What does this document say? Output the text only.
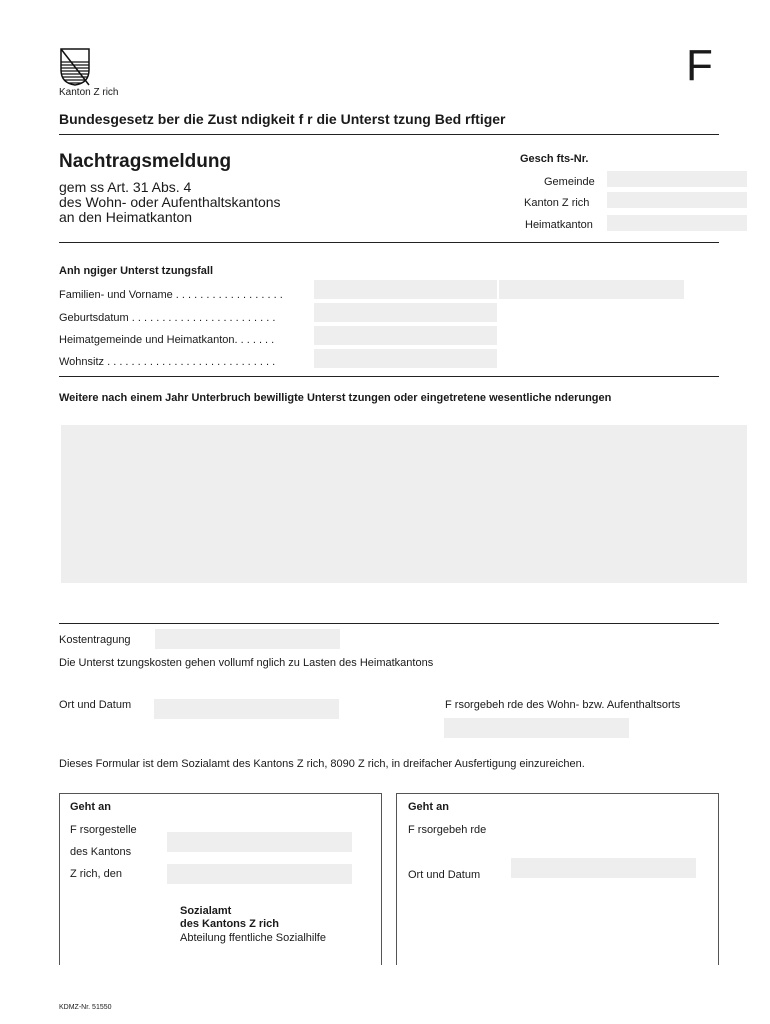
Kanton Z rich
F
Bundesgesetz ber die Zust ndigkeit f r die Unterst tzung Bed rftiger
Nachtragsmeldung
gem ss Art. 31 Abs. 4
des Wohn- oder Aufenthaltskantons
an den Heimatkanton
Gesch fts-Nr.
Gemeinde
Kanton Z rich
Heimatkanton
Anh ngiger Unterst tzungsfall
Familien- und Vorname . . . . . . . . . . . . . . . . . .
Geburtsdatum . . . . . . . . . . . . . . . . . . . . . . . .
Heimatgemeinde und Heimatkanton. . . . . . .
Wohnsitz . . . . . . . . . . . . . . . . . . . . . . . . . . . .
Weitere nach einem Jahr Unterbruch bewilligte Unterst tzungen oder eingetretene wesentliche nderungen
Kostentragung
Die Unterst tzungskosten gehen vollumf nglich zu Lasten des Heimatkantons
Ort und Datum	F rsorgebeh rde des Wohn- bzw. Aufenthaltsorts
Dieses Formular ist dem Sozialamt des Kantons Z rich, 8090 Z rich, in dreifacher Ausfertigung einzureichen.
Geht an
F rsorgestelle
des Kantons
Z rich, den
Sozialamt
des Kantons Z rich
Abteilung ffentliche Sozialhilfe
Geht an
F rsorgebeh rde
Ort und Datum
KDMZ-Nr. 51550
